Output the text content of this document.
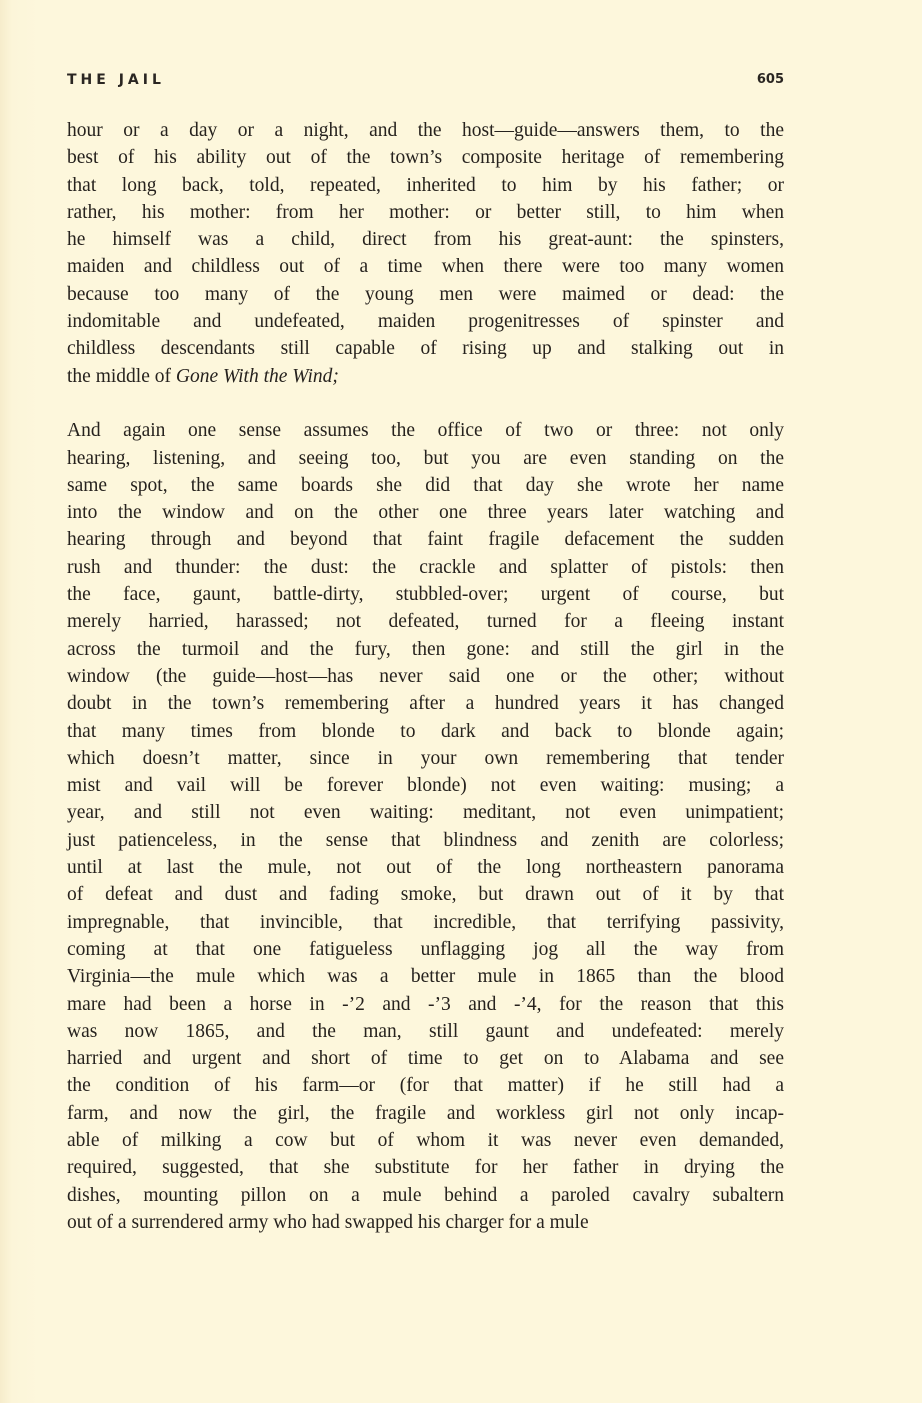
THE JAIL	605
hour or a day or a night, and the host—guide—answers them, to the
best of his ability out of the town’s composite heritage of remembering
that long back, told, repeated, inherited to him by his father; or
rather, his mother: from her mother: or better still, to him when
he himself was a child, direct from his great-aunt: the spinsters,
maiden and childless out of a time when there were too many women
because too many of the young men were maimed or dead: the
indomitable and undefeated, maiden progenitresses of spinster and
childless descendants still capable of rising up and stalking out in
the middle of Gone With the Wind;
And again one sense assumes the office of two or three: not only
hearing, listening, and seeing too, but you are even standing on the
same spot, the same boards she did that day she wrote her name
into the window and on the other one three years later watching and
hearing through and beyond that faint fragile defacement the sudden
rush and thunder: the dust: the crackle and splatter of pistols: then
the face, gaunt, battle-dirty, stubbled-over; urgent of course, but
merely harried, harassed; not defeated, turned for a fleeing instant
across the turmoil and the fury, then gone: and still the girl in the
window (the guide—host—has never said one or the other; without
doubt in the town’s remembering after a hundred years it has changed
that many times from blonde to dark and back to blonde again;
which doesn’t matter, since in your own remembering that tender
mist and vail will be forever blonde) not even waiting: musing; a
year, and still not even waiting: meditant, not even unimpatient;
just patienceless, in the sense that blindness and zenith are colorless;
until at last the mule, not out of the long northeastern panorama
of defeat and dust and fading smoke, but drawn out of it by that
impregnable, that invincible, that incredible, that terrifying passivity,
coming at that one fatigueless unflagging jog all the way from
Virginia—the mule which was a better mule in 1865 than the blood
mare had been a horse in -’2 and -’3 and -’4, for the reason that this
was now 1865, and the man, still gaunt and undefeated: merely
harried and urgent and short of time to get on to Alabama and see
the condition of his farm—or (for that matter) if he still had a
farm, and now the girl, the fragile and workless girl not only incap-
able of milking a cow but of whom it was never even demanded,
required, suggested, that she substitute for her father in drying the
dishes, mounting pillon on a mule behind a paroled cavalry subaltern
out of a surrendered army who had swapped his charger for a mule
